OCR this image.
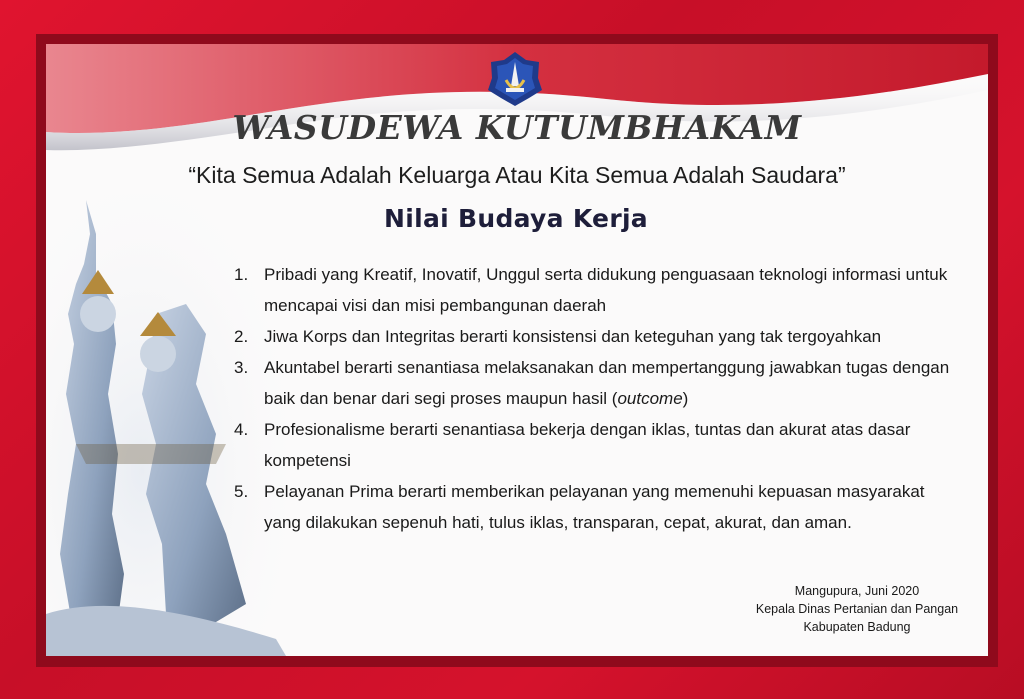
WASUDEWA KUTUMBHAKAM
“Kita Semua Adalah Keluarga Atau Kita Semua Adalah Saudara”
Nilai Budaya Kerja
1. Pribadi yang Kreatif, Inovatif, Unggul serta didukung penguasaan teknologi informasi untuk mencapai visi dan misi pembangunan daerah
2. Jiwa Korps dan Integritas berarti konsistensi dan keteguhan yang tak tergoyahkan
3. Akuntabel berarti senantiasa melaksanakan dan mempertanggung jawabkan tugas dengan baik dan benar dari segi proses maupun hasil (outcome)
4. Profesionalisme berarti senantiasa bekerja dengan iklas, tuntas dan akurat atas dasar kompetensi
5. Pelayanan Prima berarti memberikan pelayanan yang memenuhi kepuasan masyarakat yang dilakukan sepenuh hati, tulus iklas, transparan, cepat, akurat, dan aman.
Mangupura, Juni 2020
Kepala Dinas Pertanian dan Pangan
Kabupaten Badung
